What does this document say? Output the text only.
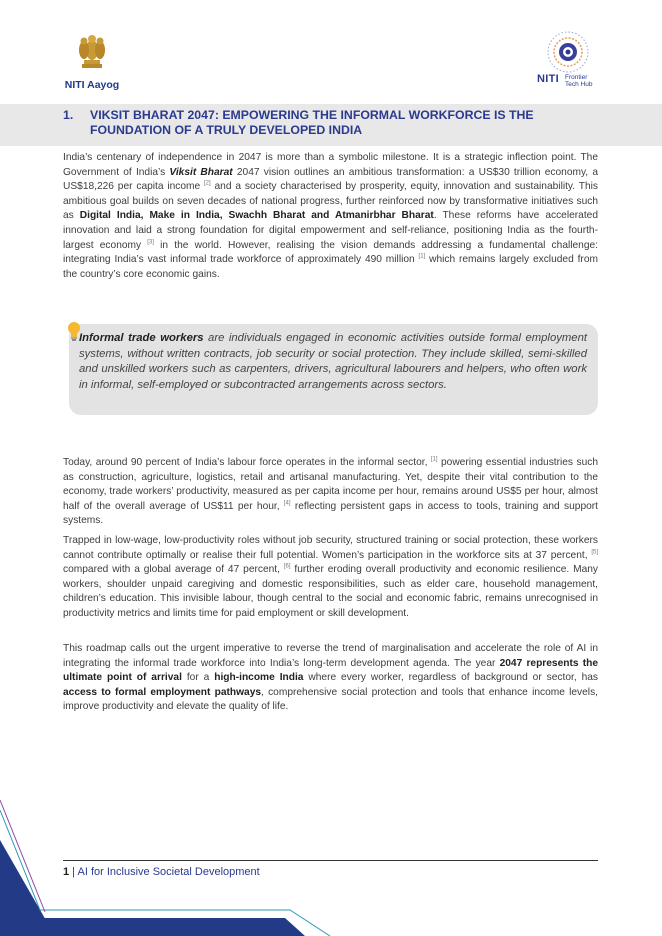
NITI Aayog	NITI Frontier
Tech Hub
1. VIKSIT BHARAT 2047: EMPOWERING THE INFORMAL WORKFORCE IS THE FOUNDATION OF A TRULY DEVELOPED INDIA
India’s centenary of independence in 2047 is more than a symbolic milestone. It is a strategic inflection point. The Government of India’s Viksit Bharat 2047 vision outlines an ambitious transformation: a US$30 trillion economy, a US$18,226 per capita income [2] and a society characterised by prosperity, equity, innovation and sustainability. This ambitious goal builds on seven decades of national progress, further reinforced now by transformative initiatives such as Digital India, Make in India, Swachh Bharat and Atmanirbhar Bharat. These reforms have accelerated innovation and laid a strong foundation for digital empowerment and self-reliance, positioning India as the fourth-largest economy [3] in the world. However, realising the vision demands addressing a fundamental challenge: integrating India’s vast informal trade workforce of approximately 490 million [1] which remains largely excluded from the country’s core economic gains.
Informal trade workers are individuals engaged in economic activities outside formal employment systems, without written contracts, job security or social protection. They include skilled, semi-skilled and unskilled workers such as carpenters, drivers, agricultural labourers and helpers, who often work in informal, self-employed or subcontracted arrangements across sectors.
Today, around 90 percent of India’s labour force operates in the informal sector, [1] powering essential industries such as construction, agriculture, logistics, retail and artisanal manufacturing. Yet, despite their vital contribution to the economy, trade workers’ productivity, measured as per capita income per hour, remains around US$5 per hour, almost half of the overall average of US$11 per hour, [4] reflecting persistent gaps in access to tools, training and support systems.
Trapped in low-wage, low-productivity roles without job security, structured training or social protection, these workers cannot contribute optimally or realise their full potential. Women’s participation in the workforce sits at 37 percent, [5] compared with a global average of 47 percent, [6] further eroding overall productivity and economic resilience. Many workers, shoulder unpaid caregiving and domestic responsibilities, such as elder care, household management, children’s education. This invisible labour, though central to the social and economic fabric, remains unrecognised in productivity metrics and limits time for paid employment or skill development.
This roadmap calls out the urgent imperative to reverse the trend of marginalisation and accelerate the role of AI in integrating the informal trade workforce into India’s long-term development agenda. The year 2047 represents the ultimate point of arrival for a high-income India where every worker, regardless of background or sector, has access to formal employment pathways, comprehensive social protection and tools that enhance income levels, improve productivity and elevate the quality of life.
1 | AI for Inclusive Societal Development
